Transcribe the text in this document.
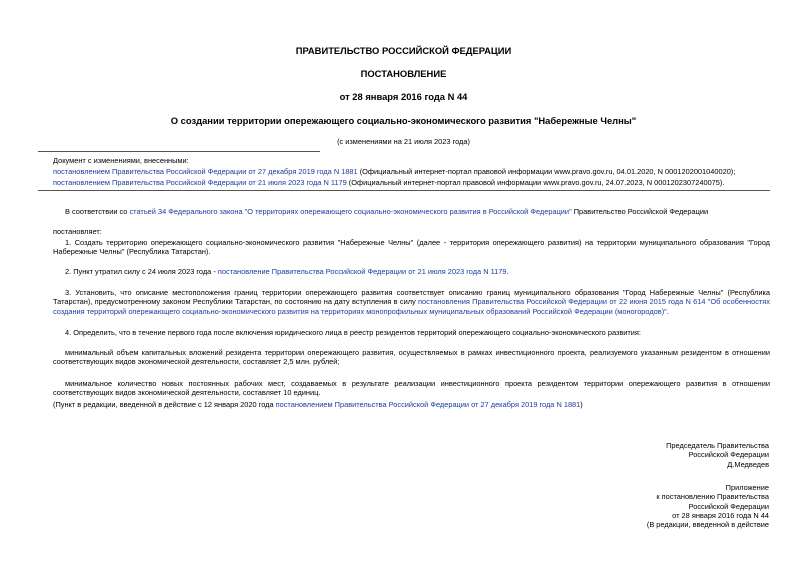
ПРАВИТЕЛЬСТВО РОССИЙСКОЙ ФЕДЕРАЦИИ
ПОСТАНОВЛЕНИЕ
от 28 января 2016 года N 44
О создании территории опережающего социально-экономического развития "Набережные Челны"
(с изменениями на 21 июля 2023 года)
Документ с изменениями, внесенными:
постановлением Правительства Российской Федерации от 27 декабря 2019 года N 1881 (Официальный интернет-портал правовой информации www.pravo.gov.ru, 04.01.2020, N 0001202001040020);
постановлением Правительства Российской Федерации от 21 июля 2023 года N 1179 (Официальный интернет-портал правовой информации www.pravo.gov.ru, 24.07.2023, N 0001202307240075).
В соответствии со статьей 34 Федерального закона "О территориях опережающего социально-экономического развития в Российской Федерации" Правительство Российской Федерации
постановляет:
1. Создать территорию опережающего социально-экономического развития "Набережные Челны" (далее - территория опережающего развития) на территории муниципального образования "Город Набережные Челны" (Республика Татарстан).
2. Пункт утратил силу с 24 июля 2023 года - постановление Правительства Российской Федерации от 21 июля 2023 года N 1179.
3. Установить, что описание местоположения границ территории опережающего развития соответствует описанию границ муниципального образования "Город Набережные Челны" (Республика Татарстан), предусмотренному законом Республики Татарстан, по состоянию на дату вступления в силу постановления Правительства Российской Федерации от 22 июня 2015 года N 614 "Об особенностях создания территорий опережающего социально-экономического развития на территориях монопрофильных муниципальных образований Российской Федерации (моногородов)".
4. Определить, что в течение первого года после включения юридического лица в реестр резидентов территорий опережающего социально-экономического развития:
минимальный объем капитальных вложений резидента территории опережающего развития, осуществляемых в рамках инвестиционного проекта, реализуемого указанным резидентом в отношении соответствующих видов экономической деятельности, составляет 2,5 млн. рублей;
минимальное количество новых постоянных рабочих мест, создаваемых в результате реализации инвестиционного проекта резидентом территории опережающего развития в отношении соответствующих видов экономической деятельности, составляет 10 единиц.
(Пункт в редакции, введенной в действие с 12 января 2020 года постановлением Правительства Российской Федерации от 27 декабря 2019 года N 1881)
Председатель Правительства
Российской Федерации
Д.Медведев
Приложение
к постановлению Правительства
Российской Федерации
от 28 января 2016 года N 44
(В редакции, введенной в действие
